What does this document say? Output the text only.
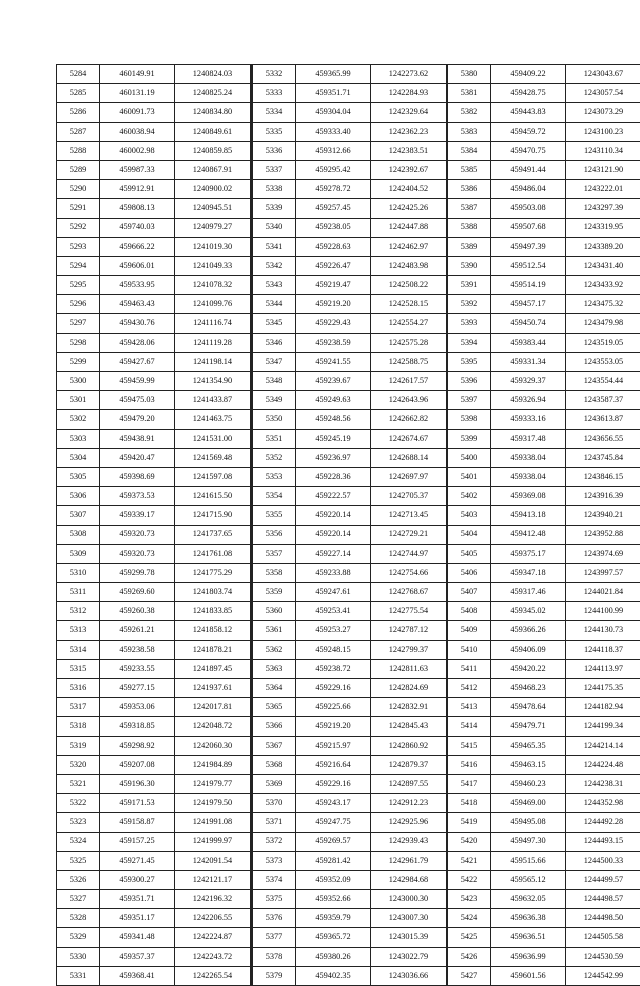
5284	460149.91	1240824.03
5285	460131.19	1240825.24
5286	460091.73	1240834.80
5287	460038.94	1240849.61
5288	460002.98	1240859.85
5289	459987.33	1240867.91
5290	459912.91	1240900.02
5291	459808.13	1240945.51
5292	459740.03	1240979.27
5293	459666.22	1241019.30
5294	459606.01	1241049.33
5295	459533.95	1241078.32
5296	459463.43	1241099.76
5297	459430.76	1241116.74
5298	459428.06	1241119.28
5299	459427.67	1241198.14
5300	459459.99	1241354.90
5301	459475.03	1241433.87
5302	459479.20	1241463.75
5303	459438.91	1241531.00
5304	459420.47	1241569.48
5305	459398.69	1241597.08
5306	459373.53	1241615.50
5307	459339.17	1241715.90
5308	459320.73	1241737.65
5309	459320.73	1241761.08
5310	459299.78	1241775.29
5311	459269.60	1241803.74
5312	459260.38	1241833.85
5313	459261.21	1241858.12
5314	459238.58	1241878.21
5315	459233.55	1241897.45
5316	459277.15	1241937.61
5317	459353.06	1242017.81
5318	459318.85	1242048.72
5319	459298.92	1242060.30
5320	459207.08	1241984.89
5321	459196.30	1241979.77
5322	459171.53	1241979.50
5323	459158.87	1241991.08
5324	459157.25	1241999.97
5325	459271.45	1242091.54
5326	459300.27	1242121.17
5327	459351.71	1242196.32
5328	459351.17	1242206.55
5329	459341.48	1242224.87
5330	459357.37	1242243.72
5331	459368.41	1242265.54
5332	459365.99	1242273.62
5333	459351.71	1242284.93
5334	459304.04	1242329.64
5335	459333.40	1242362.23
5336	459312.66	1242383.51
5337	459295.42	1242392.67
5338	459278.72	1242404.52
5339	459257.45	1242425.26
5340	459238.05	1242447.88
5341	459228.63	1242462.97
5342	459226.47	1242483.98
5343	459219.47	1242508.22
5344	459219.20	1242528.15
5345	459229.43	1242554.27
5346	459238.59	1242575.28
5347	459241.55	1242588.75
5348	459239.67	1242617.57
5349	459249.63	1242643.96
5350	459248.56	1242662.82
5351	459245.19	1242674.67
5352	459236.97	1242688.14
5353	459228.36	1242697.97
5354	459222.57	1242705.37
5355	459220.14	1242713.45
5356	459220.14	1242729.21
5357	459227.14	1242744.97
5358	459233.88	1242754.66
5359	459247.61	1242768.67
5360	459253.41	1242775.54
5361	459253.27	1242787.12
5362	459248.15	1242799.37
5363	459238.72	1242811.63
5364	459229.16	1242824.69
5365	459225.66	1242832.91
5366	459219.20	1242845.43
5367	459215.97	1242860.92
5368	459216.64	1242879.37
5369	459229.16	1242897.55
5370	459243.17	1242912.23
5371	459247.75	1242925.96
5372	459269.57	1242939.43
5373	459281.42	1242961.79
5374	459352.09	1242984.68
5375	459352.66	1243000.30
5376	459359.79	1243007.30
5377	459365.72	1243015.39
5378	459380.26	1243022.79
5379	459402.35	1243036.66
5380	459409.22	1243043.67
5381	459428.75	1243057.54
5382	459443.83	1243073.29
5383	459459.72	1243100.23
5384	459470.75	1243110.34
5385	459491.44	1243121.90
5386	459486.04	1243222.01
5387	459503.08	1243297.39
5388	459507.68	1243319.95
5389	459497.39	1243389.20
5390	459512.54	1243431.40
5391	459514.19	1243433.92
5392	459457.17	1243475.32
5393	459450.74	1243479.98
5394	459383.44	1243519.05
5395	459331.34	1243553.05
5396	459329.37	1243554.44
5397	459326.94	1243587.37
5398	459333.16	1243613.87
5399	459317.48	1243656.55
5400	459338.04	1243745.84
5401	459338.04	1243846.15
5402	459369.08	1243916.39
5403	459413.18	1243940.21
5404	459412.48	1243952.88
5405	459375.17	1243974.69
5406	459347.18	1243997.57
5407	459317.46	1244021.84
5408	459345.02	1244100.99
5409	459366.26	1244130.73
5410	459406.09	1244118.37
5411	459420.22	1244113.97
5412	459468.23	1244175.35
5413	459478.64	1244182.94
5414	459479.71	1244199.34
5415	459465.35	1244214.14
5416	459463.15	1244224.48
5417	459460.23	1244238.31
5418	459469.00	1244352.98
5419	459495.08	1244492.28
5420	459497.30	1244493.15
5421	459515.66	1244500.33
5422	459565.12	1244499.57
5423	459632.05	1244498.57
5424	459636.38	1244498.50
5425	459636.51	1244505.58
5426	459636.99	1244530.59
5427	459601.56	1244542.99
